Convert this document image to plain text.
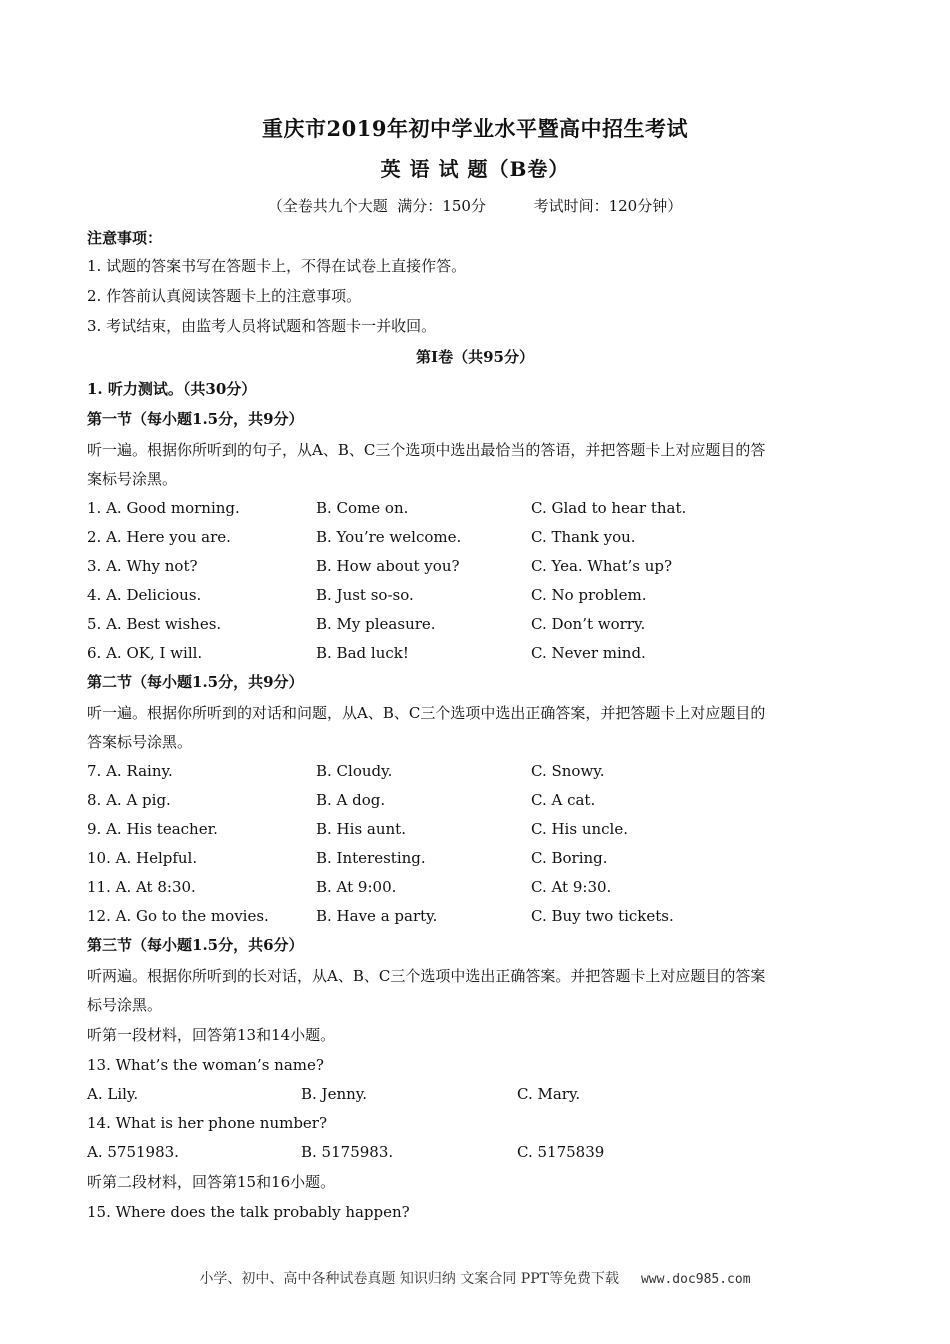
重庆市2019年初中学业水平暨高中招生考试
英 语 试 题（B卷）
（全卷共九个大题  满分：150分          考试时间：120分钟）
注意事项：
1. 试题的答案书写在答题卡上，不得在试卷上直接作答。
2. 作答前认真阅读答题卡上的注意事项。
3. 考试结束，由监考人员将试题和答题卡一并收回。
第Ⅰ卷（共95分）
1. 听力测试。（共30分）
第一节（每小题1.5分，共9分）
听一遍。根据你所听到的句子，从A、B、C三个选项中选出最恰当的答语，并把答题卡上对应题目的答
案标号涂黑。
1. A. Good morning.	B. Come on.	C. Glad to hear that.
2. A. Here you are.	B. You’re welcome.	C. Thank you.
3. A. Why not?	B. How about you?	C. Yea. What’s up?
4. A. Delicious.	B. Just so-so.	C. No problem.
5. A. Best wishes.	B. My pleasure.	C. Don’t worry.
6. A. OK, I will.	B. Bad luck!	C. Never mind.
第二节（每小题1.5分，共9分）
听一遍。根据你所听到的对话和问题，从A、B、C三个选项中选出正确答案，并把答题卡上对应题目的
答案标号涂黑。
7. A. Rainy.	B. Cloudy.	C. Snowy.
8. A. A pig.	B. A dog.	C. A cat.
9. A. His teacher.	B. His aunt.	C. His uncle.
10. A. Helpful.	B. Interesting.	C. Boring.
11. A. At 8:30.	B. At 9:00.	C. At 9:30.
12. A. Go to the movies.	B. Have a party.	C. Buy two tickets.
第三节（每小题1.5分，共6分）
听两遍。根据你所听到的长对话，从A、B、C三个选项中选出正确答案。并把答题卡上对应题目的答案
标号涂黑。
听第一段材料，回答第13和14小题。
13. What’s the woman’s name?
A. Lily.	B. Jenny.	C. Mary.
14. What is her phone number?
A. 5751983.	B. 5175983.	C. 5175839
听第二段材料，回答第15和16小题。
15. Where does the talk probably happen?
小学、初中、高中各种试卷真题 知识归纳 文案合同 PPT等免费下载 www.doc985.com
